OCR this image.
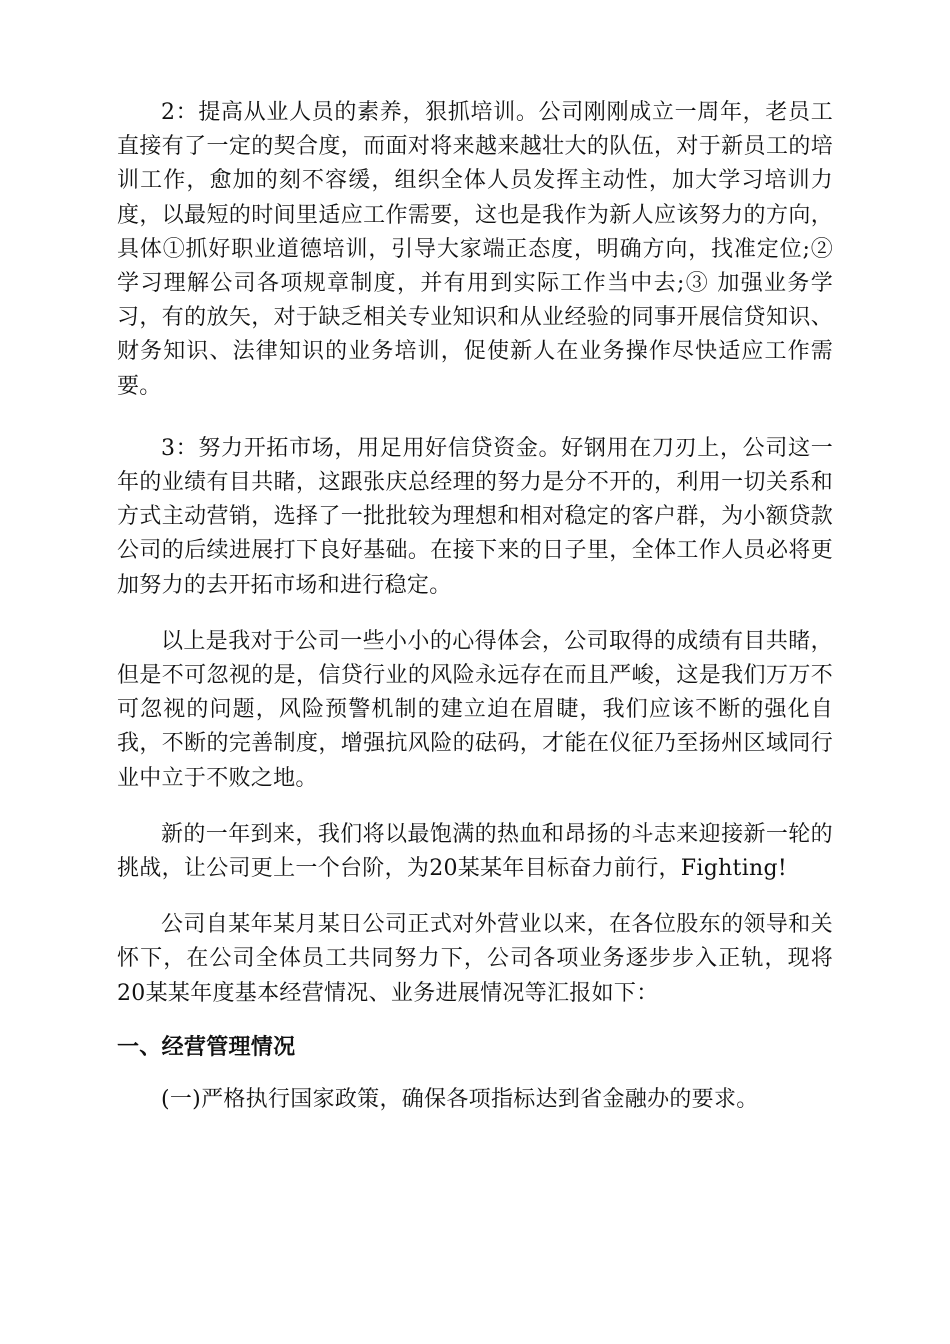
2：提高从业人员的素养，狠抓培训。公司刚刚成立一周年，老员工直接有了一定的契合度，而面对将来越来越壮大的队伍，对于新员工的培训工作，愈加的刻不容缓，组织全体人员发挥主动性，加大学习培训力度，以最短的时间里适应工作需要，这也是我作为新人应该努力的方向，具体①抓好职业道德培训，引导大家端正态度，明确方向，找准定位;②学习理解公司各项规章制度，并有用到实际工作当中去;③ 加强业务学习，有的放矢，对于缺乏相关专业知识和从业经验的同事开展信贷知识、财务知识、法律知识的业务培训，促使新人在业务操作尽快适应工作需要。

3：努力开拓市场，用足用好信贷资金。好钢用在刀刃上，公司这一年的业绩有目共睹，这跟张庆总经理的努力是分不开的，利用一切关系和方式主动营销，选择了一批批较为理想和相对稳定的客户群，为小额贷款公司的后续进展打下良好基础。在接下来的日子里，全体工作人员必将更加努力的去开拓市场和进行稳定。

以上是我对于公司一些小小的心得体会，公司取得的成绩有目共睹，但是不可忽视的是，信贷行业的风险永远存在而且严峻，这是我们万万不可忽视的问题，风险预警机制的建立迫在眉睫，我们应该不断的强化自我，不断的完善制度，增强抗风险的砝码，才能在仪征乃至扬州区域同行业中立于不败之地。

新的一年到来，我们将以最饱满的热血和昂扬的斗志来迎接新一轮的挑战，让公司更上一个台阶，为20某某年目标奋力前行，Fighting!

公司自某年某月某日公司正式对外营业以来，在各位股东的领导和关怀下，在公司全体员工共同努力下，公司各项业务逐步步入正轨，现将20某某年度基本经营情况、业务进展情况等汇报如下：

一、经营管理情况

(一)严格执行国家政策，确保各项指标达到省金融办的要求。
